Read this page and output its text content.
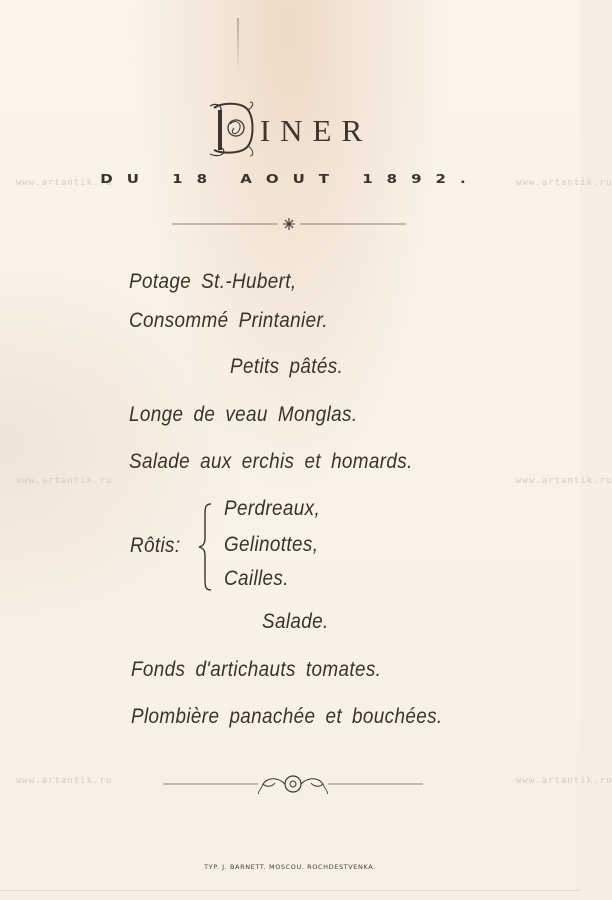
www.artantik.ru	www.artantik.ru
www.artantik.ru	www.artantik.ru
www.artantik.ru	www.artantik.ru
INER
DU 18 AOUT 1892.
Potage St.-Hubert,
Consommé Printanier.
Petits pâtés.
Longe de veau Monglas.
Salade aux erchis et homards.
Rôtis:
Perdreaux,
Gelinottes,
Cailles.
Salade.
Fonds d'artichauts tomates.
Plombière panachée et bouchées.
TYP. J. BARNETT. MOSCOU. ROCHDESTVENKA.
